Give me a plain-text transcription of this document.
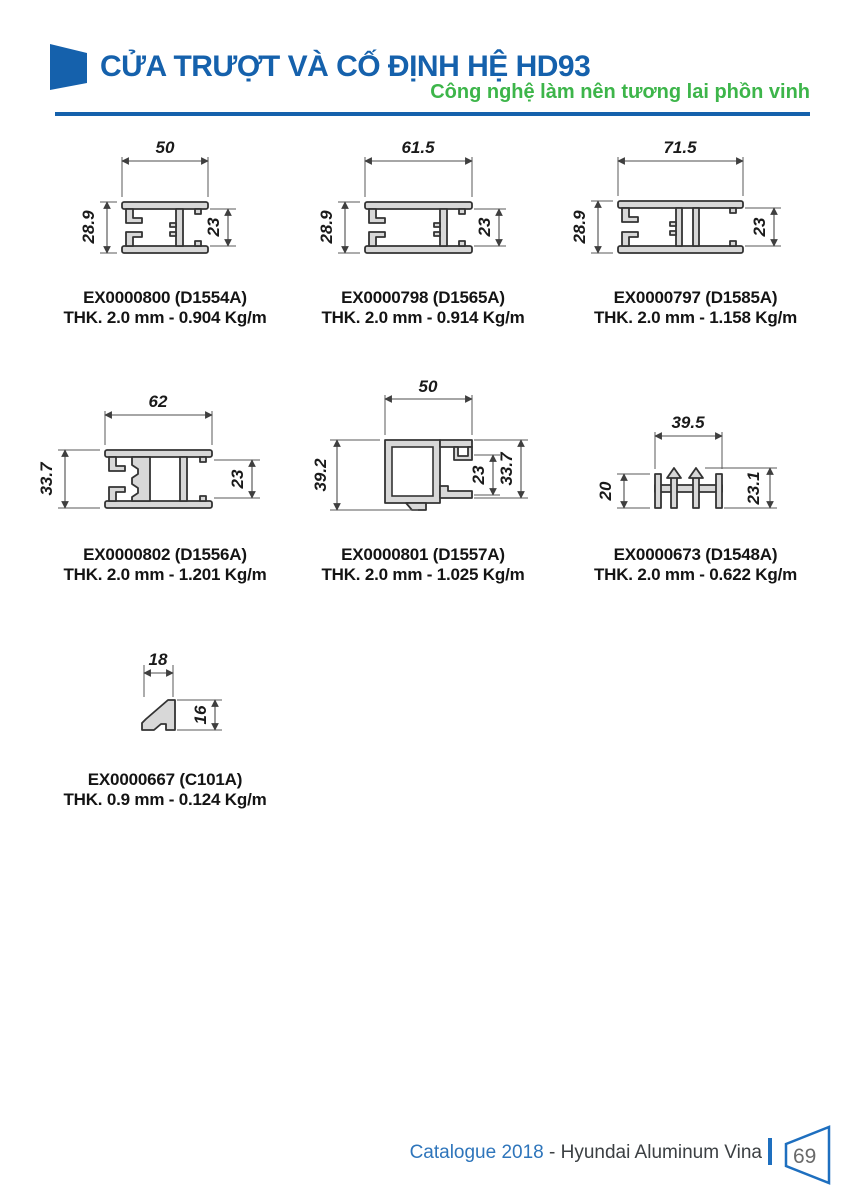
CỬA TRƯỢT VÀ CỐ ĐỊNH HỆ HD93
Công nghệ làm nên tương lai phồn vinh
50
28.9	23
EX0000800 (D1554A)
THK. 2.0 mm - 0.904 Kg/m
61.5
28.9	23
EX0000798 (D1565A)
THK. 2.0 mm - 0.914 Kg/m
71.5
28.9	23
EX0000797 (D1585A)
THK. 2.0 mm - 1.158 Kg/m
62
33.7	23
EX0000802 (D1556A)
THK. 2.0 mm - 1.201 Kg/m
50
39.2	23 33.7
EX0000801 (D1557A)
THK. 2.0 mm - 1.025 Kg/m
39.5
20	23.1
EX0000673 (D1548A)
THK. 2.0 mm - 0.622 Kg/m
18
16
EX0000667 (C101A)
THK. 0.9 mm - 0.124 Kg/m
Catalogue 2018 - Hyundai Aluminum Vina 69
